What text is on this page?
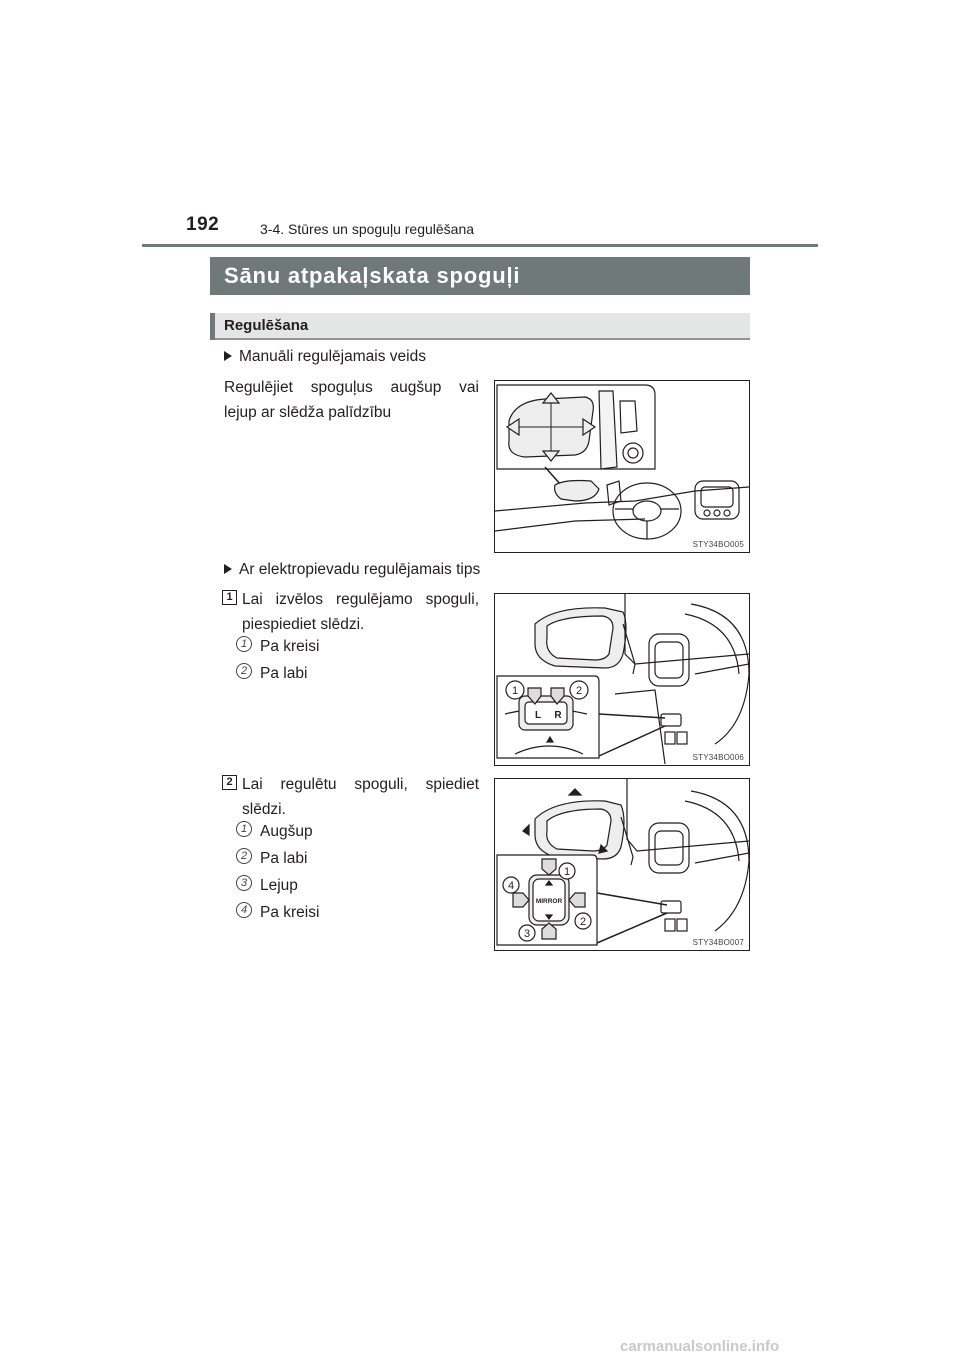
192	3-4. Stūres un spoguļu regulēšana
Sānu atpakaļskata spoguļi
Regulēšana
Manuāli regulējamais veids
Regulējiet spoguļus augšup vai
lejup ar slēdža palīdzību
STY34BO005
Ar elektropievadu regulējamais tips
1 Lai izvēlos regulējamo spoguli,
piespiediet slēdzi.
1 Pa kreisi
2 Pa labi
1	2
L R
STY34BO006
2 Lai regulētu spoguli, spiediet
slēdzi.
1 Augšup
2 Pa labi
3 Lejup
4 Pa kreisi
1
2
3
4
MIRROR
STY34BO007
carmanualsonline.info
